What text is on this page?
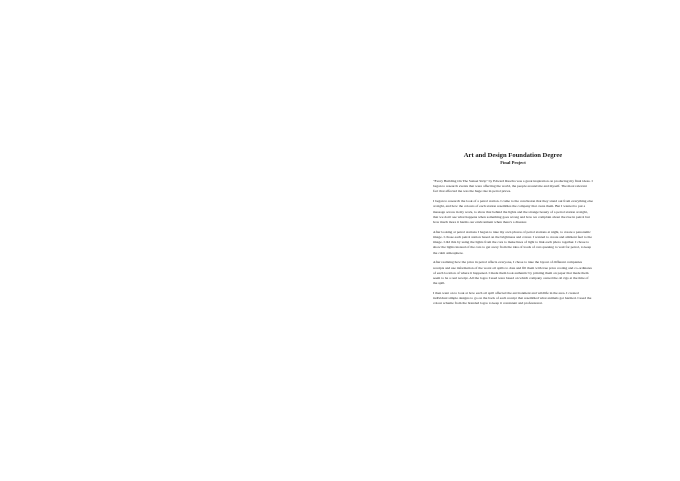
Art and Design Foundation Degree
Final Project

"Every Building On The Sunset Strip" by Edward Ruscha was a great inspiration on producing my final ideas. I began to research events that were affecting the world, the people around me and myself. The most relevant fact that affected me was the huge rise in petrol prices.

I began to research the look of a petrol station. I came to the conclusion that they stand out from everything else at night, and how the colours of each station resembles the company that owns them. But I wanted to put a message across in my work, to show that behind the lights and the strange beauty of a petrol station at night, that we don't see what happens when something goes wrong and how we complain about the rise in petrol but how much more it harms our environment when there's a disaster.

After looking at petrol stations I began to take my own photos of petrol stations at night, to create a panoramic image. I chose each petrol station based on the brightness and colour. I wanted to create and ambient feel to the image. I did this by using the lights from the cars to make lines of light to link each photo together. I chose to show the lights instead of the cars to get away from the idea of loads of cars queuing to wait for petrol, to keep the calm atmosphere.

After realising how the price in petrol affects everyone, I chose to take the layout of different companies receipts and use information of the worst oil spills to date and fill them with true price costing and co-ordinates of each location of where it happened. I made them look authentic by printing them on paper that made them seem to be a real receipt. All the logos I used were based on which company owned the oil rigs at the time of the spill.

I then went on to look at how each oil spill affected the environment and wildlife in the area. I created individual simple designs to go on the back of each receipt that resembled what animals got harmed. I used the colour scheme from the branded logos to keep it consistent and professional.
